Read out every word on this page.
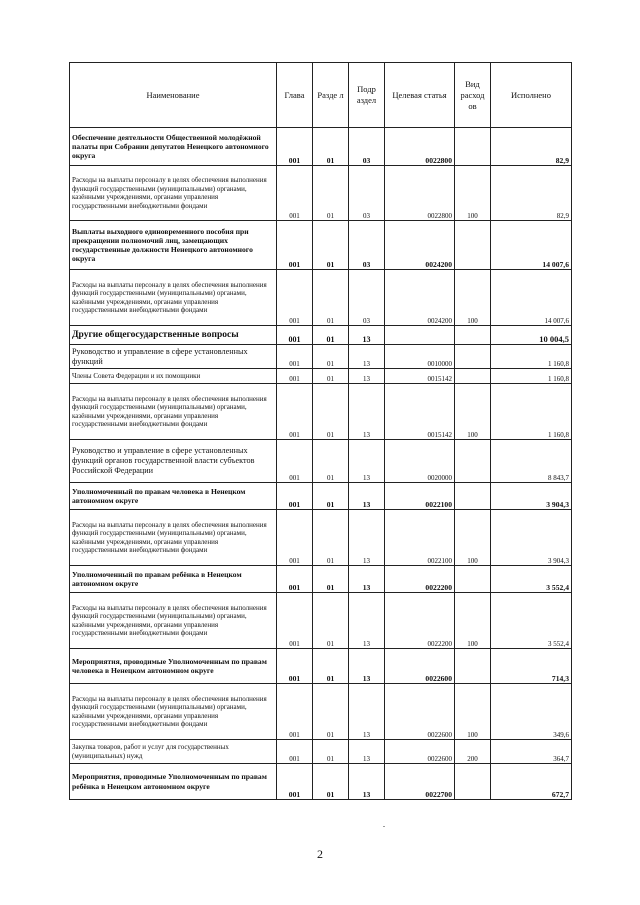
Наименование	Глава	Разде л	Подр аздел	Целевая статья	Вид расход ов	Исполнено
Обеспечение деятельности Общественной молодёжной палаты при Собрании депутатов Ненецкого автономного округа	001	01	03	0022800		82,9
Расходы на выплаты персоналу в целях обеспечения выполнения функций государственными (муниципальными) органами, казёнными учреждениями, органами управления государственными внебюджетными фондами	001	01	03	0022800	100	82,9
Выплаты выходного единовременного пособия при прекращении полномочий лиц, замещающих государственные должности Ненецкого автономного округа	001	01	03	0024200		14 007,6
Расходы на выплаты персоналу в целях обеспечения выполнения функций государственными (муниципальными) органами, казёнными учреждениями, органами управления государственными внебюджетными фондами	001	01	03	0024200	100	14 007,6
Другие общегосударственные вопросы	001	01	13			10 004,5
Руководство и управление в сфере установленных функций	001	01	13	0010000		1 160,8
Члены Совета Федерации и их помощники	001	01	13	0015142		1 160,8
Расходы на выплаты персоналу в целях обеспечения выполнения функций государственными (муниципальными) органами, казёнными учреждениями, органами управления государственными внебюджетными фондами	001	01	13	0015142	100	1 160,8
Руководство и управление в сфере установленных функций органов государственной власти субъектов Российской Федерации	001	01	13	0020000		8 843,7
Уполномоченный по правам человека в Ненецком автономном округе	001	01	13	0022100		3 904,3
Расходы на выплаты персоналу в целях обеспечения выполнения функций государственными (муниципальными) органами, казёнными учреждениями, органами управления государственными внебюджетными фондами	001	01	13	0022100	100	3 904,3
Уполномоченный по правам ребёнка в Ненецком автономном округе	001	01	13	0022200		3 552,4
Расходы на выплаты персоналу в целях обеспечения выполнения функций государственными (муниципальными) органами, казёнными учреждениями, органами управления государственными внебюджетными фондами	001	01	13	0022200	100	3 552,4
Мероприятия, проводимые Уполномоченным по правам человека в Ненецком автономном округе	001	01	13	0022600		714,3
Расходы на выплаты персоналу в целях обеспечения выполнения функций государственными (муниципальными) органами, казёнными учреждениями, органами управления государственными внебюджетными фондами	001	01	13	0022600	100	349,6
Закупка товаров, работ и услуг для государственных (муниципальных) нужд	001	01	13	0022600	200	364,7
Мероприятия, проводимые Уполномоченным по правам ребёнка в Ненецком автономном округе	001	01	13	0022700		672,7
2
